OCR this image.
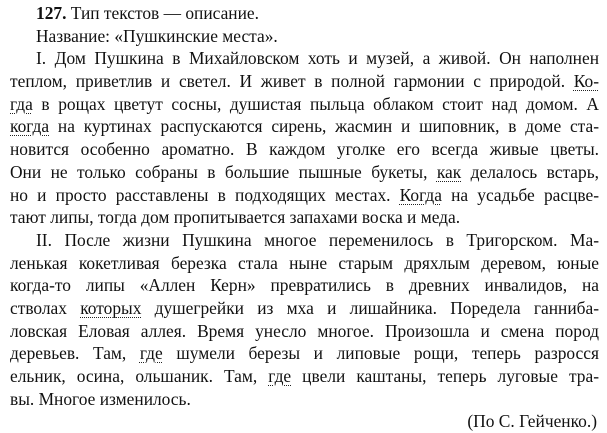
127. Тип текстов — описание.
Название: «Пушкинские места».
I. Дом Пушкина в Михайловском хоть и музей, а живой. Он наполнен
теплом, приветлив и светел. И живет в полной гармонии с природой. Ко-
гда в рощах цветут сосны, душистая пыльца облаком стоит над домом. А
когда на куртинах распускаются сирень, жасмин и шиповник, в доме ста-
новится особенно ароматно. В каждом уголке его всегда живые цветы.
Они не только собраны в большие пышные букеты, как делалось встарь,
но и просто расставлены в подходящих местах. Когда на усадьбе расцве-
тают липы, тогда дом пропитывается запахами воска и меда.
II. После жизни Пушкина многое переменилось в Тригорском. Ма-
ленькая кокетливая березка стала ныне старым дряхлым деревом, юные
когда-то липы «Аллен Керн» превратились в древних инвалидов, на
стволах которых душегрейки из мха и лишайника. Поредела ганниба-
ловская Еловая аллея. Время унесло многое. Произошла и смена пород
деревьев. Там, где шумели березы и липовые рощи, теперь разросся
ельник, осина, ольшаник. Там, где цвели каштаны, теперь луговые тра-
вы. Многое изменилось.
(По С. Гейченко.)
